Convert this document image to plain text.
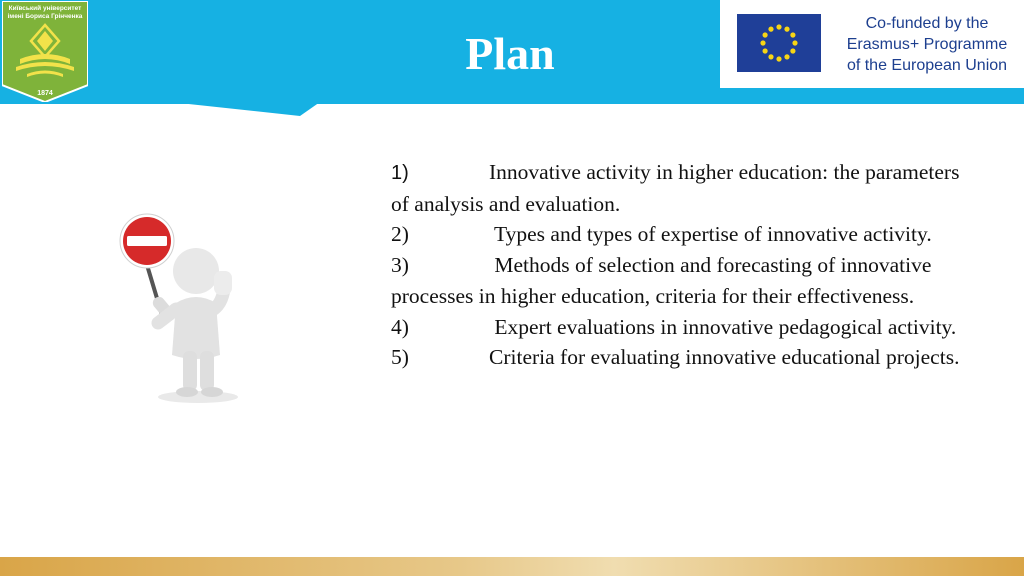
Київський університет
імені Бориса Грінченка
1874
Plan
Co-funded by the
Erasmus+ Programme
of the European Union

1)	Innovative activity in higher education: the parameters of analysis and evaluation.

2)	Types and types of expertise of innovative activity.

3)	Methods of selection and forecasting of innovative processes in higher education, criteria for their effectiveness.

4)	Expert evaluations in innovative pedagogical activity.

5)	Criteria for evaluating innovative educational projects.
